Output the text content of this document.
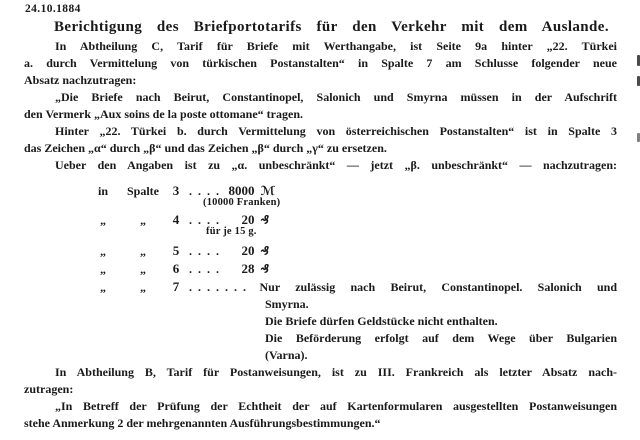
24.10.1884
Berichtigung des Briefportotarifs für den Verkehr mit dem Auslande.
In Abtheilung C, Tarif für Briefe mit Werthangabe, ist Seite 9a hinter „22. Türkei
a. durch Vermittelung von türkischen Postanstalten“ in Spalte 7 am Schlusse folgender neue
Absatz nachzutragen:
„Die Briefe nach Beirut, Constantinopel, Salonich und Smyrna müssen in der Aufschrift
den Vermerk „Aux soins de la poste ottomane“ tragen.
Hinter „22. Türkei b. durch Vermittelung von österreichischen Postanstalten“ ist in Spalte 3
das Zeichen „α“ durch „β“ und das Zeichen „β“ durch „γ“ zu ersetzen.
Ueber den Angaben ist zu „α. unbeschränkt“ — jetzt „β. unbeschränkt“ — nachzutragen:
in	Spalte	3 . . . . 8000 ℳ
(10000 Franken)
„	„	4 . . . .	20 ₰
für je 15 g.
„	„	5 . . . .	20 ₰
„	„	6 . . . .	28 ₰
„	„	7 . . . . . . . Nur zulässig nach Beirut, Constantinopel. Salonich und
Smyrna.
Die Briefe dürfen Geldstücke nicht enthalten.
Die Beförderung erfolgt auf dem Wege über Bulgarien
(Varna).
In Abtheilung B, Tarif für Postanweisungen, ist zu III. Frankreich als letzter Absatz nach-
zutragen:
„In Betreff der Prüfung der Echtheit der auf Kartenformularen ausgestellten Postanweisungen
stehe Anmerkung 2 der mehrgenannten Ausführungsbestimmungen.“
